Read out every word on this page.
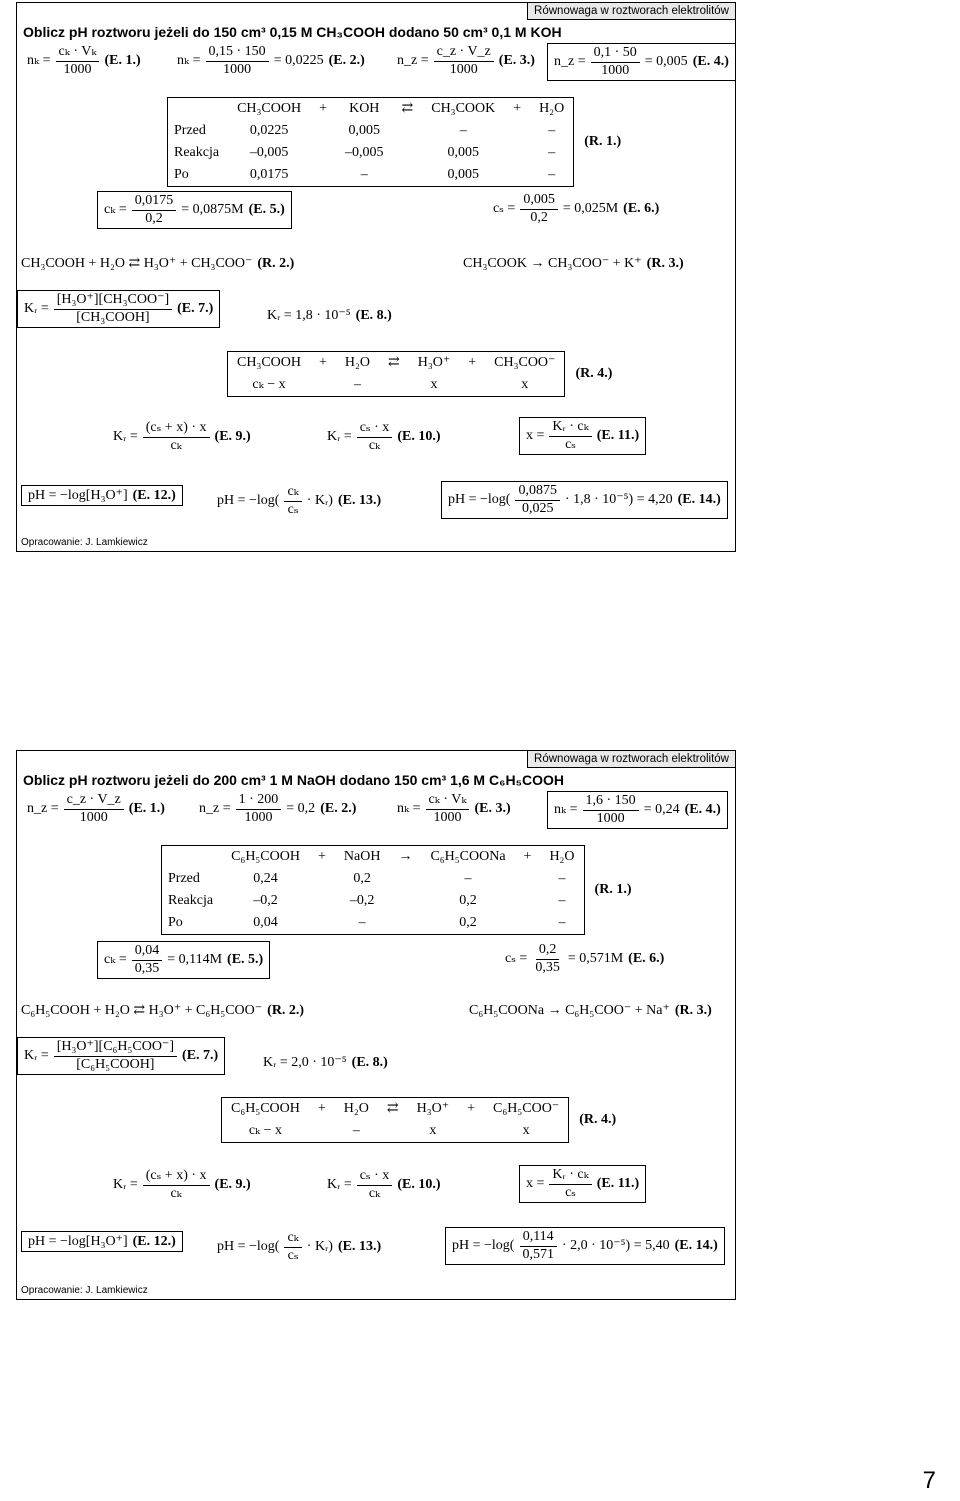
Równowaga w roztworach elektrolitów
Oblicz pH roztworu jeżeli do 150 cm³ 0,15 M CH₃COOH dodano 50 cm³ 0,1 M KOH
$n_k = \frac{\text{cₖ · Vₖ}}{1000} (E$. 1.)	$n_k = \frac{0,15 \cdot 150}{1000} = 0,0225$ (E. 2.) n_z = $\frac{c\_z \cdot V\_z}{1000} (E$. 3.) n_z = $\frac{0,1 \cdot 50}{1000} = 0,005$ (E. 4.)
	CH₃COOH	+	KOH	⇄	CH₃COOK	+	H₂O
Przed	0,0225		0,005		–		–
Reakcja	–0,005		–0,005		0,005		–
Po	0,0175		–		0,005		–
(R. 1.)
$c_k = \frac{0,0175}{0,2} = 0,0875M$ (E. 5.)	$c_s = \frac{0,005}{0,2} = 0,025M$ (E. 6.)
CH₃COOH + H₂O ⇄ H₃O⁺ + CH₃COO⁻ (R. 2.)	CH₃COOK → CH₃COO⁻ + K⁺ (R. 3.)
Kᵣ = $\frac{\text{[H₃O⁺][CH₃COO⁻]}}{\text{[CH₃COOH]}} (E$. 7.)	Kᵣ = 1,8 · 10⁻⁵ (E. 8.)
CH₃COOH	+	H₂O	⇄	H₃O⁺	+	CH₃COO⁻
cₖ − x		–		x		x
(R. 4.)
Kᵣ = $\frac{\text{(cₛ + x) · x}}{\text{cₖ}} (E$. 9.)	Kᵣ = $\frac{\text{cₛ · x}}{\text{cₖ}} (E$. 10.)	$x = \frac{\text{Kᵣ · cₖ}}{\text{cₛ}} (E$. 11.)
pH = −log[H₃O⁺] (E. 12.)	pH = $-\log( \frac{\text{cₖ}}{\text{cₛ}}$ · Kᵣ) (E. 13.)	pH = $-\log( \frac{0,0875}{0,025} \cdot 1,8 \cdot 10^{-5}) = 4,20$ (E. 14.)
Opracowanie: J. Lamkiewicz
Równowaga w roztworach elektrolitów
Oblicz pH roztworu jeżeli do 200 cm³ 1 M NaOH dodano 150 cm³ 1,6 M C₆H₅COOH
n_z = $\frac{c\_z \cdot V\_z}{1000} (E$. 1.) n_z = $\frac{1 \cdot 200}{1000} = 0,2$ (E. 2.)	$n_k = \frac{\text{cₖ · Vₖ}}{1000} (E$. 3.)	$n_k = \frac{1,6 \cdot 150}{1000} = 0,24$ (E. 4.)
	C₆H₅COOH	+	NaOH	→	C₆H₅COONa	+	H₂O
Przed	0,24		0,2		–		–
Reakcja	–0,2		–0,2		0,2		–
Po	0,04		–		0,2		–
(R. 1.)
$c_k = \frac{0,04}{0,35} = 0,114M$ (E. 5.)	$c_s = \frac{0,2}{0,35} = 0,571M$ (E. 6.)
C₆H₅COOH + H₂O ⇄ H₃O⁺ + C₆H₅COO⁻ (R. 2.)	C₆H₅COONa → C₆H₅COO⁻ + Na⁺ (R. 3.)
Kᵣ = $\frac{\text{[H₃O⁺][C₆H₅COO⁻]}}{\text{[C₆H₅COOH]}} (E$. 7.)	Kᵣ = 2,0 · 10⁻⁵ (E. 8.)
C₆H₅COOH	+	H₂O	⇄	H₃O⁺	+	C₆H₅COO⁻
cₖ − x		–		x		x
(R. 4.)
Kᵣ = $\frac{\text{(cₛ + x) · x}}{\text{cₖ}} (E$. 9.)	Kᵣ = $\frac{\text{cₛ · x}}{\text{cₖ}} (E$. 10.)	$x = \frac{\text{Kᵣ · cₖ}}{\text{cₛ}} (E$. 11.)
pH = −log[H₃O⁺] (E. 12.)	pH = $-\log( \frac{\text{cₖ}}{\text{cₛ}}$ · Kᵣ) (E. 13.)	pH = $-\log( \frac{0,114}{0,571} \cdot 2,0 \cdot 10^{-5}) = 5,40$ (E. 14.)
Opracowanie: J. Lamkiewicz
7
